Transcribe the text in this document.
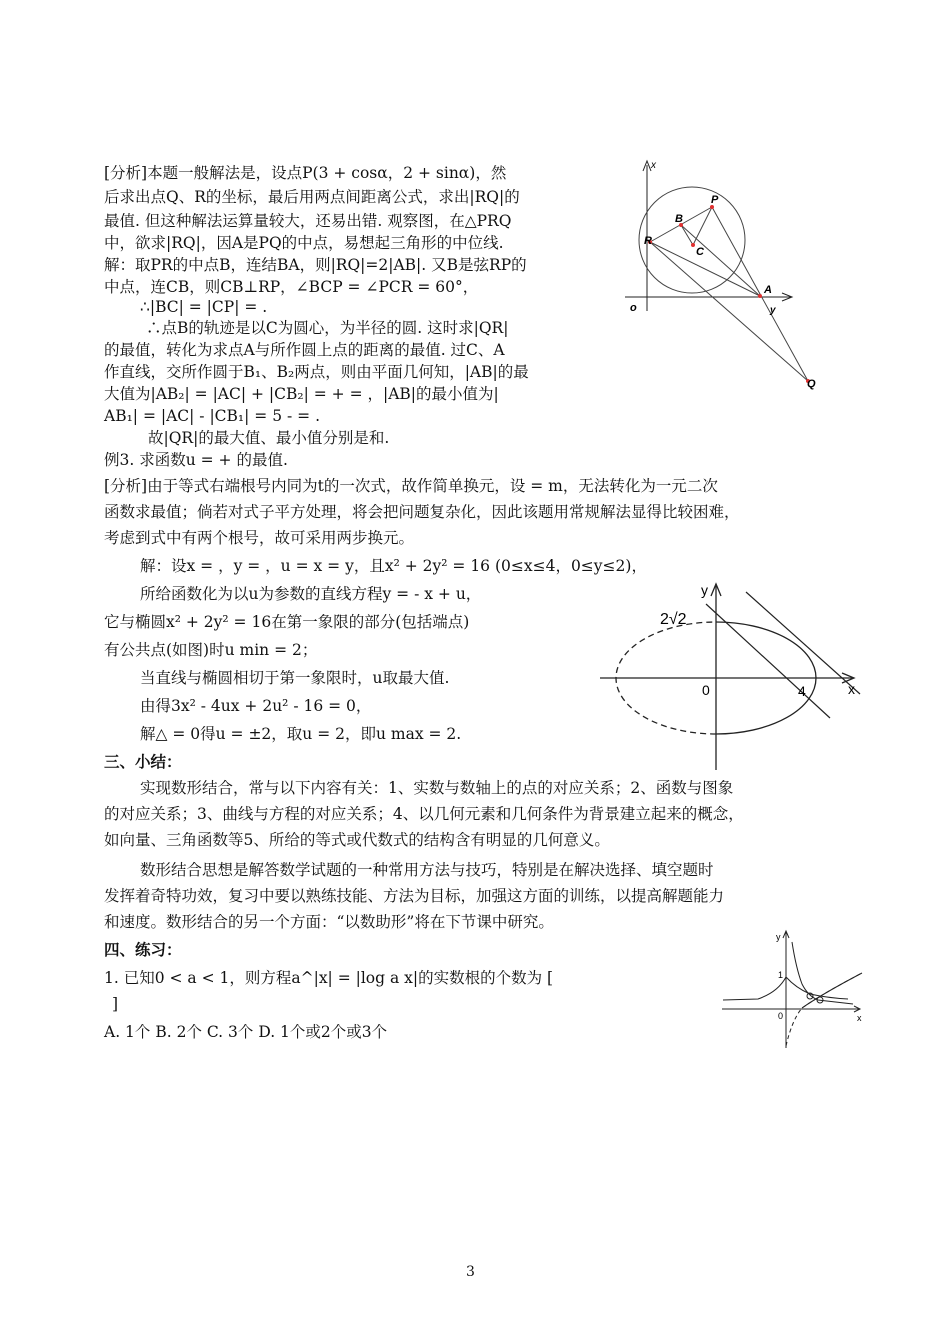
[分析]本题一般解法是，设点P(3 + cosα，2 + sinα)，然
后求出点Q、R的坐标，最后用两点间距离公式，求出|RQ|的
最值. 但这种解法运算量较大，还易出错. 观察图，在△PRQ
中，欲求|RQ|，因A是PQ的中点，易想起三角形的中位线.
解：取PR的中点B，连结BA，则|RQ|=2|AB|. 又B是弦RP的
中点，连CB，则CB⊥RP，∠BCP = ∠PCR = 60°，
∴|BC| = |CP| = .
∴点B的轨迹是以C为圆心，为半径的圆. 这时求|QR|
的最值，转化为求点A与所作圆上点的距离的最值. 过C、A
作直线，交所作圆于B₁、B₂两点，则由平面几何知，|AB|的最
大值为|AB₂| = |AC| + |CB₂| = + = ，|AB|的最小值为|
AB₁| = |AC| - |CB₁| = 5 - = .
故|QR|的最大值、最小值分别是和.
例3. 求函数u = + 的最值.
[分析]由于等式右端根号内同为t的一次式，故作简单换元，设 = m，无法转化为一元二次
函数求最值；倘若对式子平方处理，将会把问题复杂化，因此该题用常规解法显得比较困难，
考虑到式中有两个根号，故可采用两步换元。
解：设x = ，y = ，u = x = y，且x² + 2y² = 16 (0≤x≤4，0≤y≤2)，
所给函数化为以u为参数的直线方程y = - x + u，
它与椭圆x² + 2y² = 16在第一象限的部分(包括端点)
有公共点(如图)时u min = 2；
当直线与椭圆相切于第一象限时，u取最大值.
由得3x² - 4ux + 2u² - 16 = 0，
解△ = 0得u = ±2，取u = 2，即u max = 2.
三、小结：
实现数形结合，常与以下内容有关：1、实数与数轴上的点的对应关系；2、函数与图象
的对应关系；3、曲线与方程的对应关系；4、以几何元素和几何条件为背景建立起来的概念，
如向量、三角函数等5、所给的等式或代数式的结构含有明显的几何意义。
数形结合思想是解答数学试题的一种常用方法与技巧，特别是在解决选择、填空题时
发挥着奇特功效，复习中要以熟练技能、方法为目标，加强这方面的训练，以提高解题能力
和速度。数形结合的另一个方面：“以数助形”将在下节课中研究。
四、练习：
1. 已知0 < a < 1，则方程a^|x| = |log a x|的实数根的个数为 [
]
A. 1个 B. 2个 C. 3个 D. 1个或2个或3个
x
o	y
P
B
R
C
A
Q
y
x
0	4
2√2
y
x
1
0
3
